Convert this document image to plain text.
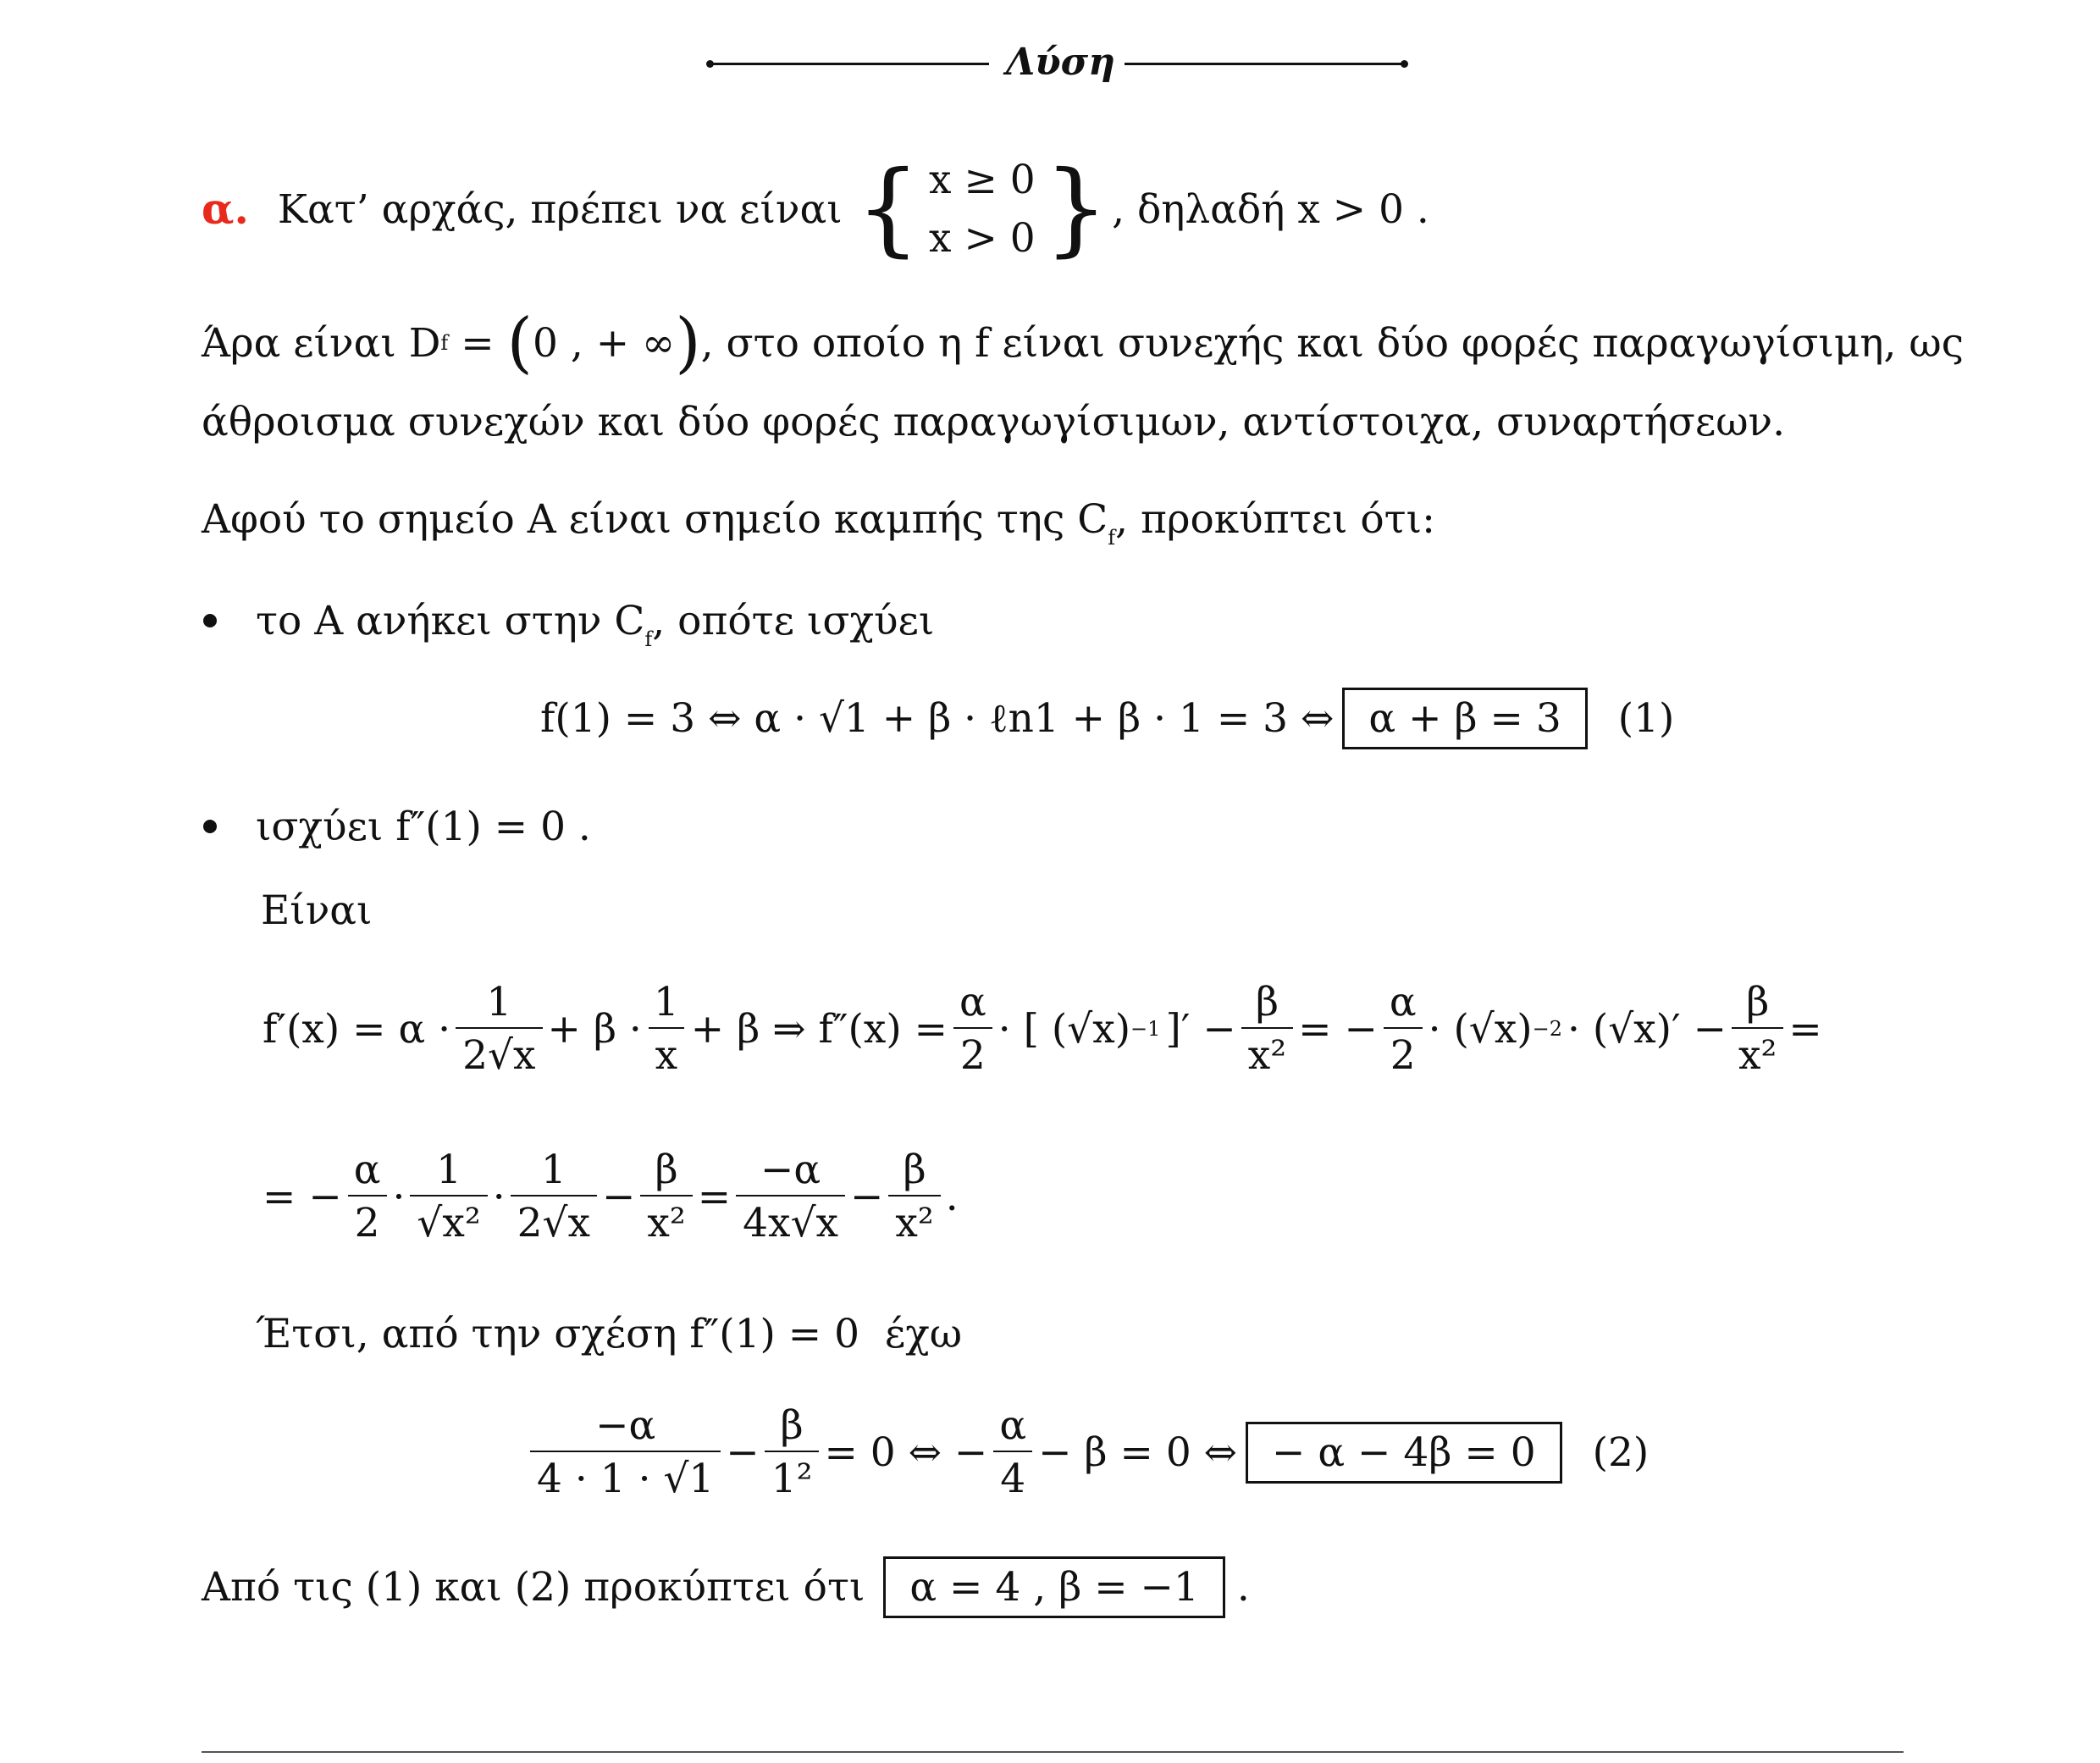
Λύση
α. Κατ’ αρχάς, πρέπει να είναι { x ≥ 0
x > 0 } , δηλαδή x > 0 .
Άρα είναι D f = ( 0 , + ∞ ) , στο οποίο η f είναι συνεχής και δύο φορές παραγωγίσιμη, ως
άθροισμα συνεχών και δύο φορές παραγωγίσιμων, αντίστοιχα, συναρτήσεων.
Αφού το σημείο A είναι σημείο καμπής της $C_f$, προκύπτει ότι:
το A ανήκει στην $C_f$, οπότε ισχύει
f(1) = 3 ⇔ α · √1 + β · ℓn1 + β · 1 = 3 ⇔ α + β = 3	(1)
ισχύει f″(1) = 0 .
Είναι
$f'(x) = \alpha \cdot \frac{1}{2√x} + \beta \cdot \frac{1}{x} + \beta$ ⇒ $f''(x) = \frac{\alpha}{2}$ · [ (√x) −1 ]′ − $\frac{\beta}{\text{x²}}$ = − $\frac{\alpha}{2} \cdot (√x) -2 \cdot (√x)' - \frac{\beta}{\text{x²}}$ =
= − $\frac{\alpha}{2} \cdot \frac{1}{\text{√x²}} \cdot \frac{1}{2√x} - \frac{\beta}{\text{x²}} = \frac{-\alpha}{4x√x} - \frac{\beta}{\text{x²}}$ .
Έτσι, από την σχέση f″(1) = 0  έχω
$\frac{-\alpha}{4 \cdot 1 \cdot √1} - \frac{\beta}{\text{1²}} = 0$ ⇔ − $\frac{\alpha}{4} - \beta = 0$ ⇔ − α − 4β = 0	(2)
Από τις (1) και (2) προκύπτει ότι	α = 4 , β = −1 .
